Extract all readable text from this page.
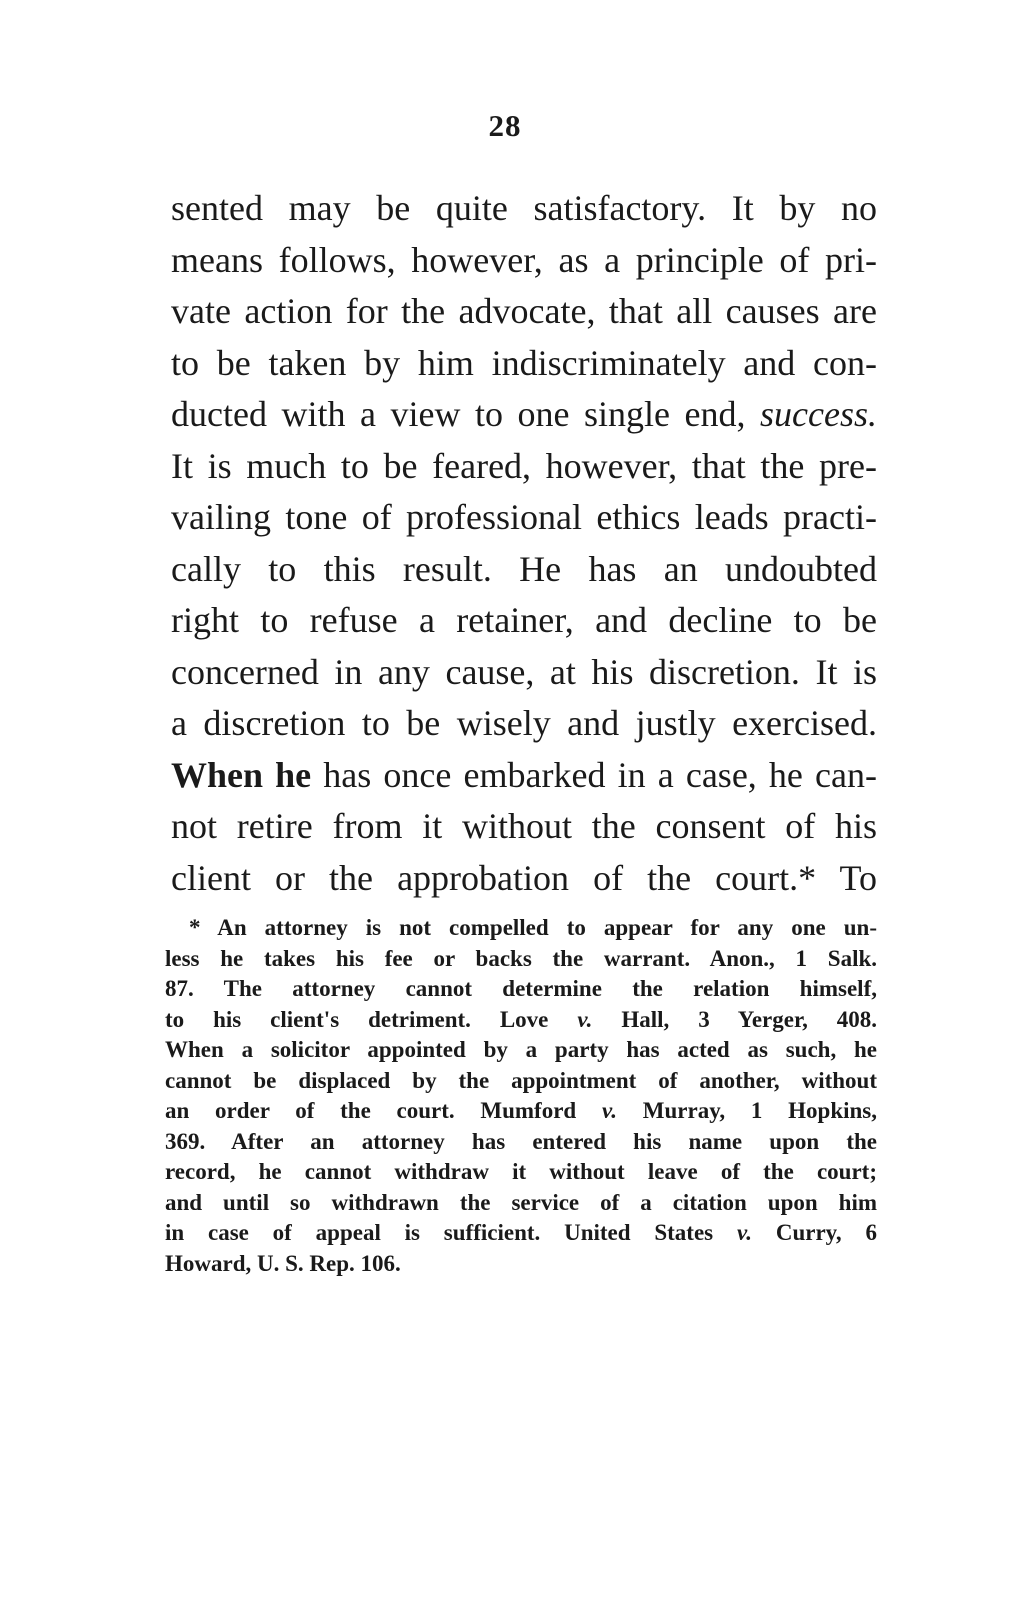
28
sented may be quite satisfactory. It by no
means follows, however, as a principle of pri-
vate action for the advocate, that all causes are
to be taken by him indiscriminately and con-
ducted with a view to one single end, success.
It is much to be feared, however, that the pre-
vailing tone of professional ethics leads practi-
cally to this result. He has an undoubted
right to refuse a retainer, and decline to be
concerned in any cause, at his discretion. It is
a discretion to be wisely and justly exercised.
When he has once embarked in a case, he can-
not retire from it without the consent of his
client or the approbation of the court.* To
* An attorney is not compelled to appear for any one un-
less he takes his fee or backs the warrant. Anon., 1 Salk.
87. The attorney cannot determine the relation himself,
to his client's detriment. Love v. Hall, 3 Yerger, 408.
When a solicitor appointed by a party has acted as such, he
cannot be displaced by the appointment of another, without
an order of the court. Mumford v. Murray, 1 Hopkins,
369. After an attorney has entered his name upon the
record, he cannot withdraw it without leave of the court;
and until so withdrawn the service of a citation upon him
in case of appeal is sufficient. United States v. Curry, 6
Howard, U. S. Rep. 106.
